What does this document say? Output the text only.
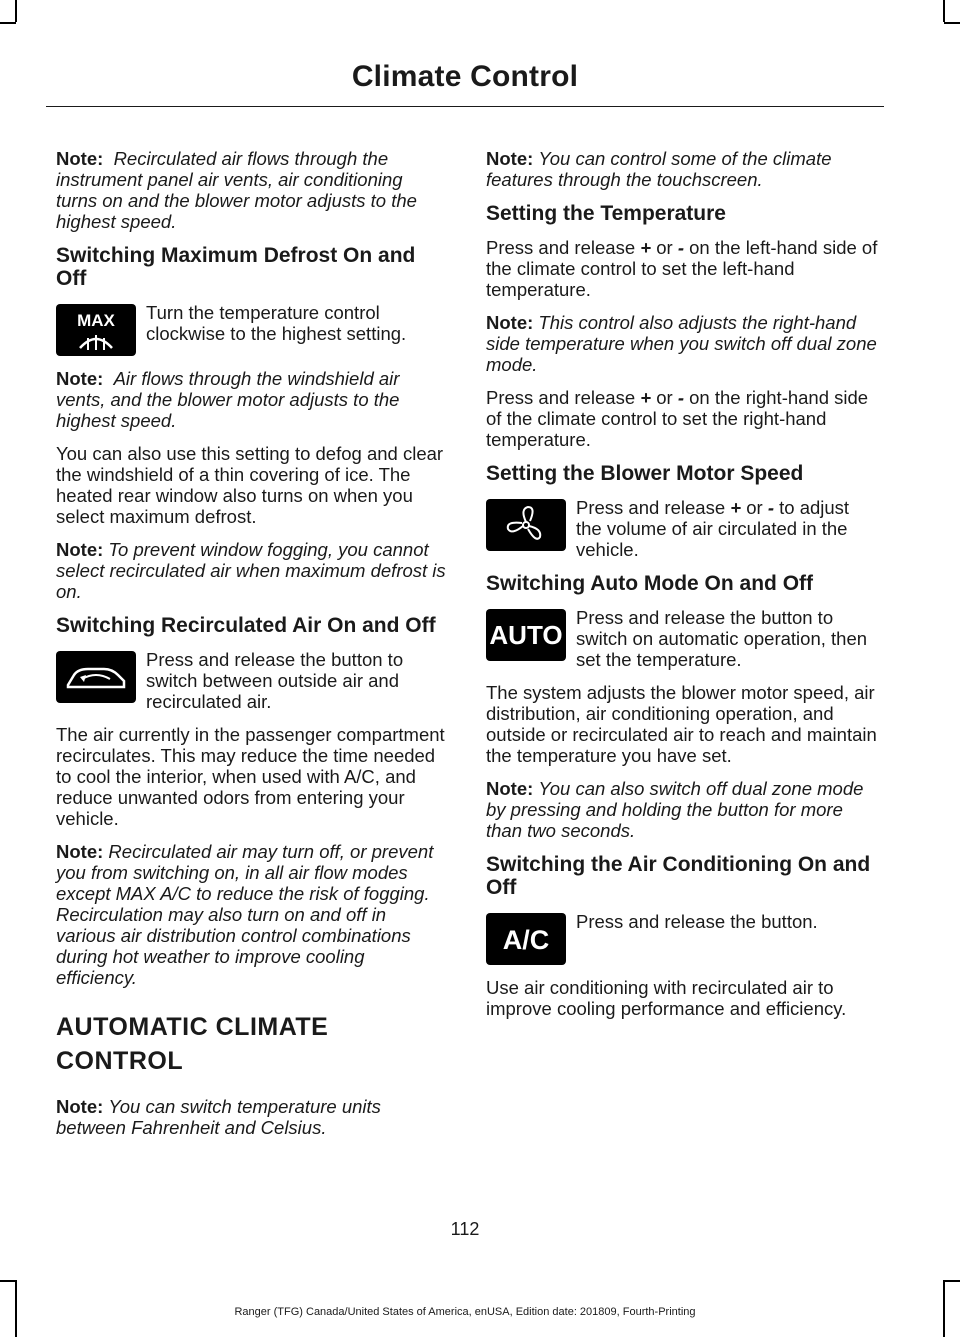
Climate Control

Note: Recirculated air flows through the instrument panel air vents, air conditioning turns on and the blower motor adjusts to the highest speed.

Switching Maximum Defrost On and Off
MAX Turn the temperature control clockwise to the highest setting.

Note: Air flows through the windshield air vents, and the blower motor adjusts to the highest speed.

You can also use this setting to defog and clear the windshield of a thin covering of ice. The heated rear window also turns on when you select maximum defrost.

Note: To prevent window fogging, you cannot select recirculated air when maximum defrost is on.

Switching Recirculated Air On and Off

Press and release the button to switch between outside air and recirculated air.

The air currently in the passenger compartment recirculates. This may reduce the time needed to cool the interior, when used with A/C, and reduce unwanted odors from entering your vehicle.

Note: Recirculated air may turn off, or prevent you from switching on, in all air flow modes except MAX A/C to reduce the risk of fogging. Recirculation may also turn on and off in various air distribution control combinations during hot weather to improve cooling efficiency.

AUTOMATIC CLIMATE
CONTROL

Note: You can switch temperature units between Fahrenheit and Celsius.

Note: You can control some of the climate features through the touchscreen.

Setting the Temperature

Press and release + or - on the left-hand side of the climate control to set the left-hand temperature.

Note: This control also adjusts the right-hand side temperature when you switch off dual zone mode.

Press and release + or - on the right-hand side of the climate control to set the right-hand temperature.

Setting the Blower Motor Speed

Press and release + or - to adjust the volume of air circulated in the vehicle.

Switching Auto Mode On and Off
AUTO

Press and release the button to switch on automatic operation, then set the temperature.

The system adjusts the blower motor speed, air distribution, air conditioning operation, and outside or recirculated air to reach and maintain the temperature you have set.

Note: You can also switch off dual zone mode by pressing and holding the button for more than two seconds.

Switching the Air Conditioning On and Off
A/C

Press and release the button.

Use air conditioning with recirculated air to improve cooling performance and efficiency.

112
Ranger (TFG) Canada/United States of America, enUSA, Edition date: 201809, Fourth-Printing
